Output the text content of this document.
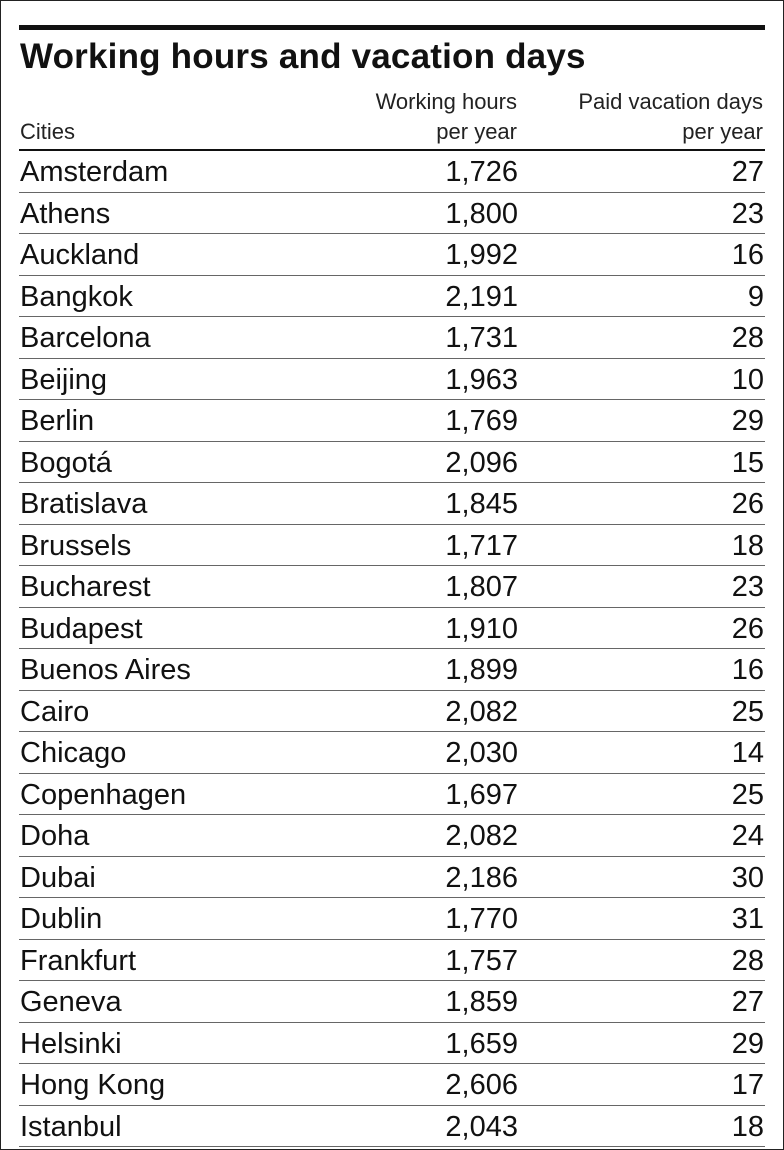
Working hours and vacation days
Cities
Working hours
per year
Paid vacation days
per year
Amsterdam	1,726	27
Athens	1,800	23
Auckland	1,992	16
Bangkok	2,191	9
Barcelona	1,731	28
Beijing	1,963	10
Berlin	1,769	29
Bogotá	2,096	15
Bratislava	1,845	26
Brussels	1,717	18
Bucharest	1,807	23
Budapest	1,910	26
Buenos Aires	1,899	16
Cairo	2,082	25
Chicago	2,030	14
Copenhagen	1,697	25
Doha	2,082	24
Dubai	2,186	30
Dublin	1,770	31
Frankfurt	1,757	28
Geneva	1,859	27
Helsinki	1,659	29
Hong Kong	2,606	17
Istanbul	2,043	18
